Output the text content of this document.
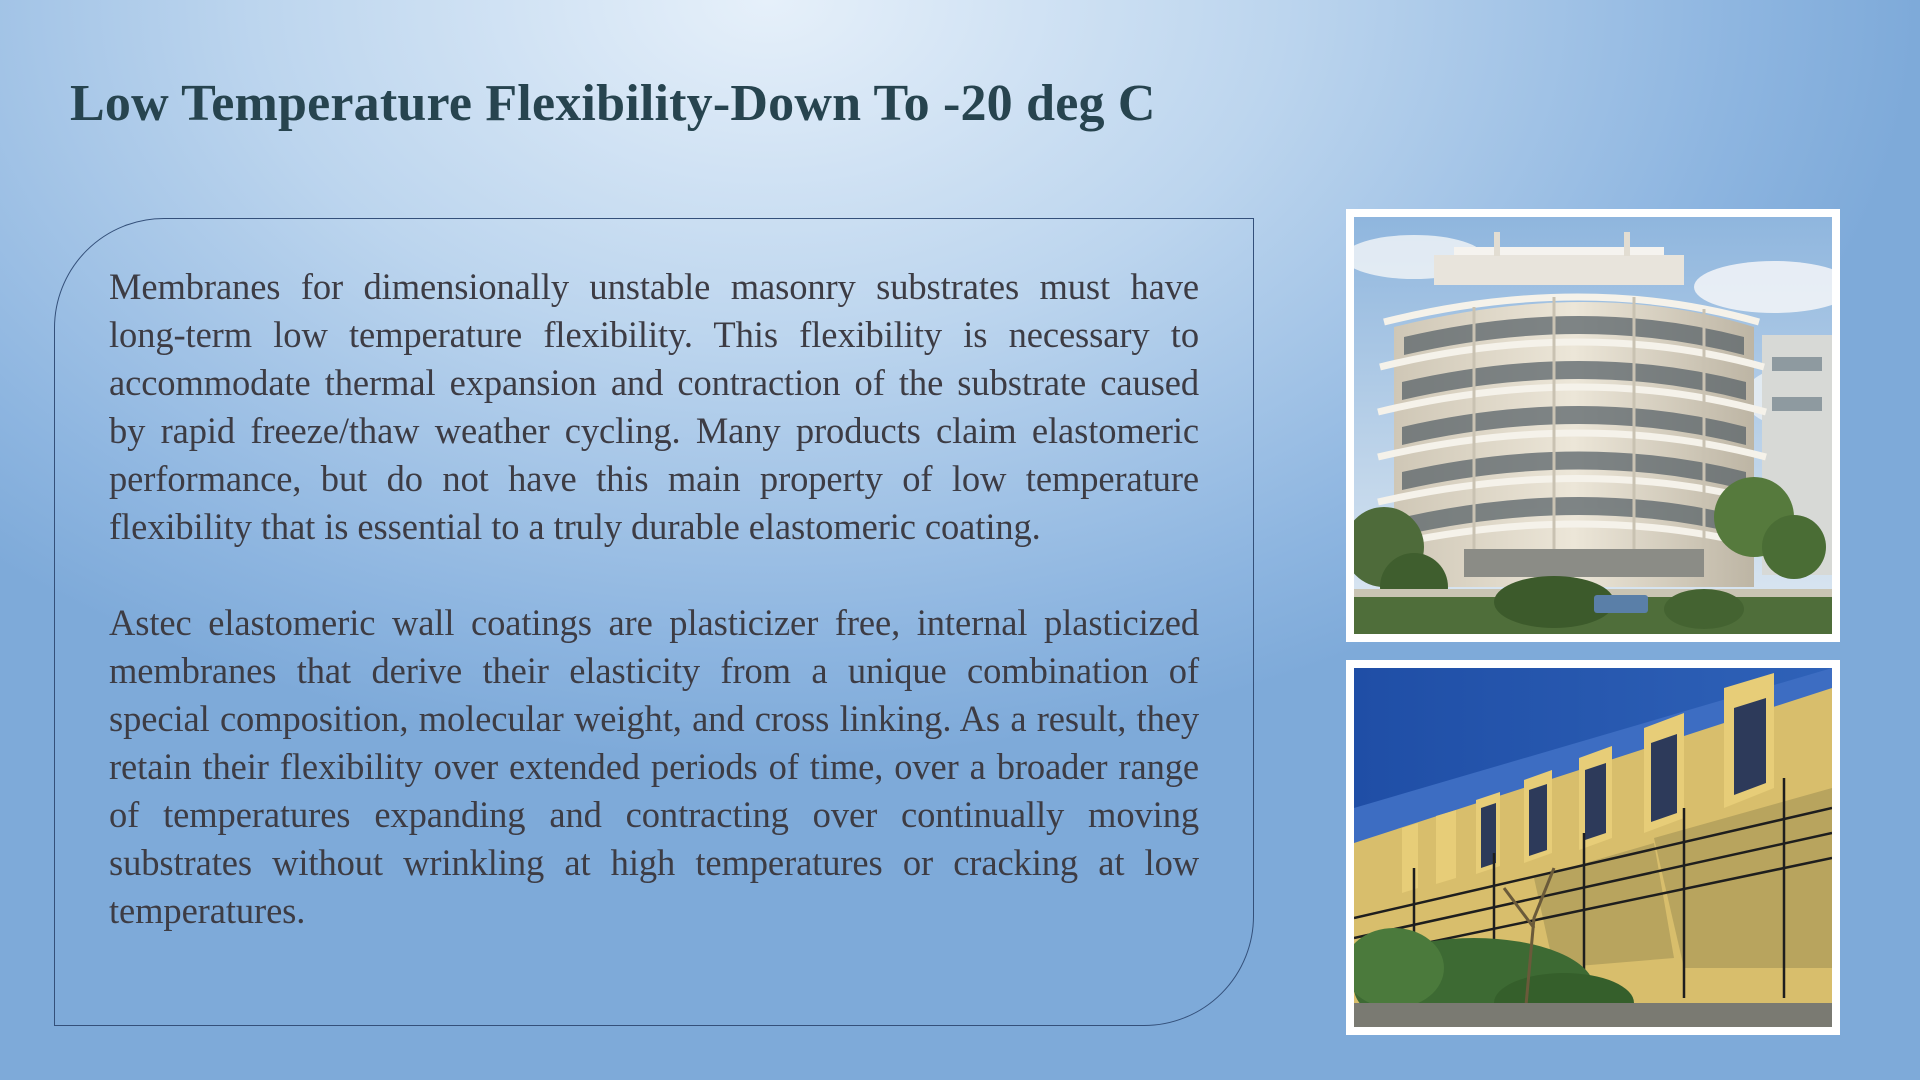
Low Temperature Flexibility-Down To -20 deg C

Membranes for dimensionally unstable masonry substrates must have long-term low temperature flexibility. This flexibility is necessary to accommodate thermal expansion and contraction of the substrate caused by rapid freeze/thaw weather cycling. Many products claim elastomeric performance, but do not have this main property of low temperature flexibility that is essential to a truly durable elastomeric coating.

Astec elastomeric wall coatings are plasticizer free, internal plasticized membranes that derive their elasticity from a unique combination of special composition, molecular weight, and cross linking. As a result, they retain their flexibility over extended periods of time, over a broader range of temperatures expanding and contracting over continually moving substrates without wrinkling at high temperatures or cracking at low temperatures.
